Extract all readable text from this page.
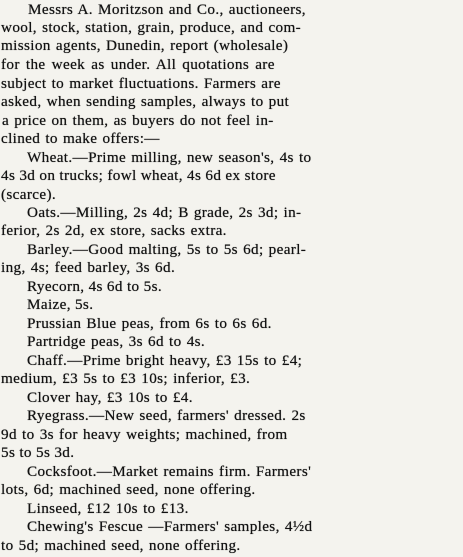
Messrs A. Moritzson and Co., auctioneers,
wool, stock, station, grain, produce, and com-
mission agents, Dunedin, report (wholesale)
for the week as under. All quotations are
subject to market fluctuations. Farmers are
asked, when sending samples, always to put
a price on them, as buyers do not feel in-
clined to make offers:—
Wheat.—Prime milling, new season's, 4s to
4s 3d on trucks; fowl wheat, 4s 6d ex store
(scarce).
Oats.—Milling, 2s 4d; B grade, 2s 3d; in-
ferior, 2s 2d, ex store, sacks extra.
Barley.—Good malting, 5s to 5s 6d; pearl-
ing, 4s; feed barley, 3s 6d.
Ryecorn, 4s 6d to 5s.
Maize, 5s.
Prussian Blue peas, from 6s to 6s 6d.
Partridge peas, 3s 6d to 4s.
Chaff.—Prime bright heavy, £3 15s to £4;
medium, £3 5s to £3 10s; inferior, £3.
Clover hay, £3 10s to £4.
Ryegrass.—New seed, farmers' dressed. 2s
9d to 3s for heavy weights; machined, from
5s to 5s 3d.
Cocksfoot.—Market remains firm. Farmers'
lots, 6d; machined seed, none offering.
Linseed, £12 10s to £13.
Chewing's Fescue —Farmers' samples, 4½d
to 5d; machined seed, none offering.
